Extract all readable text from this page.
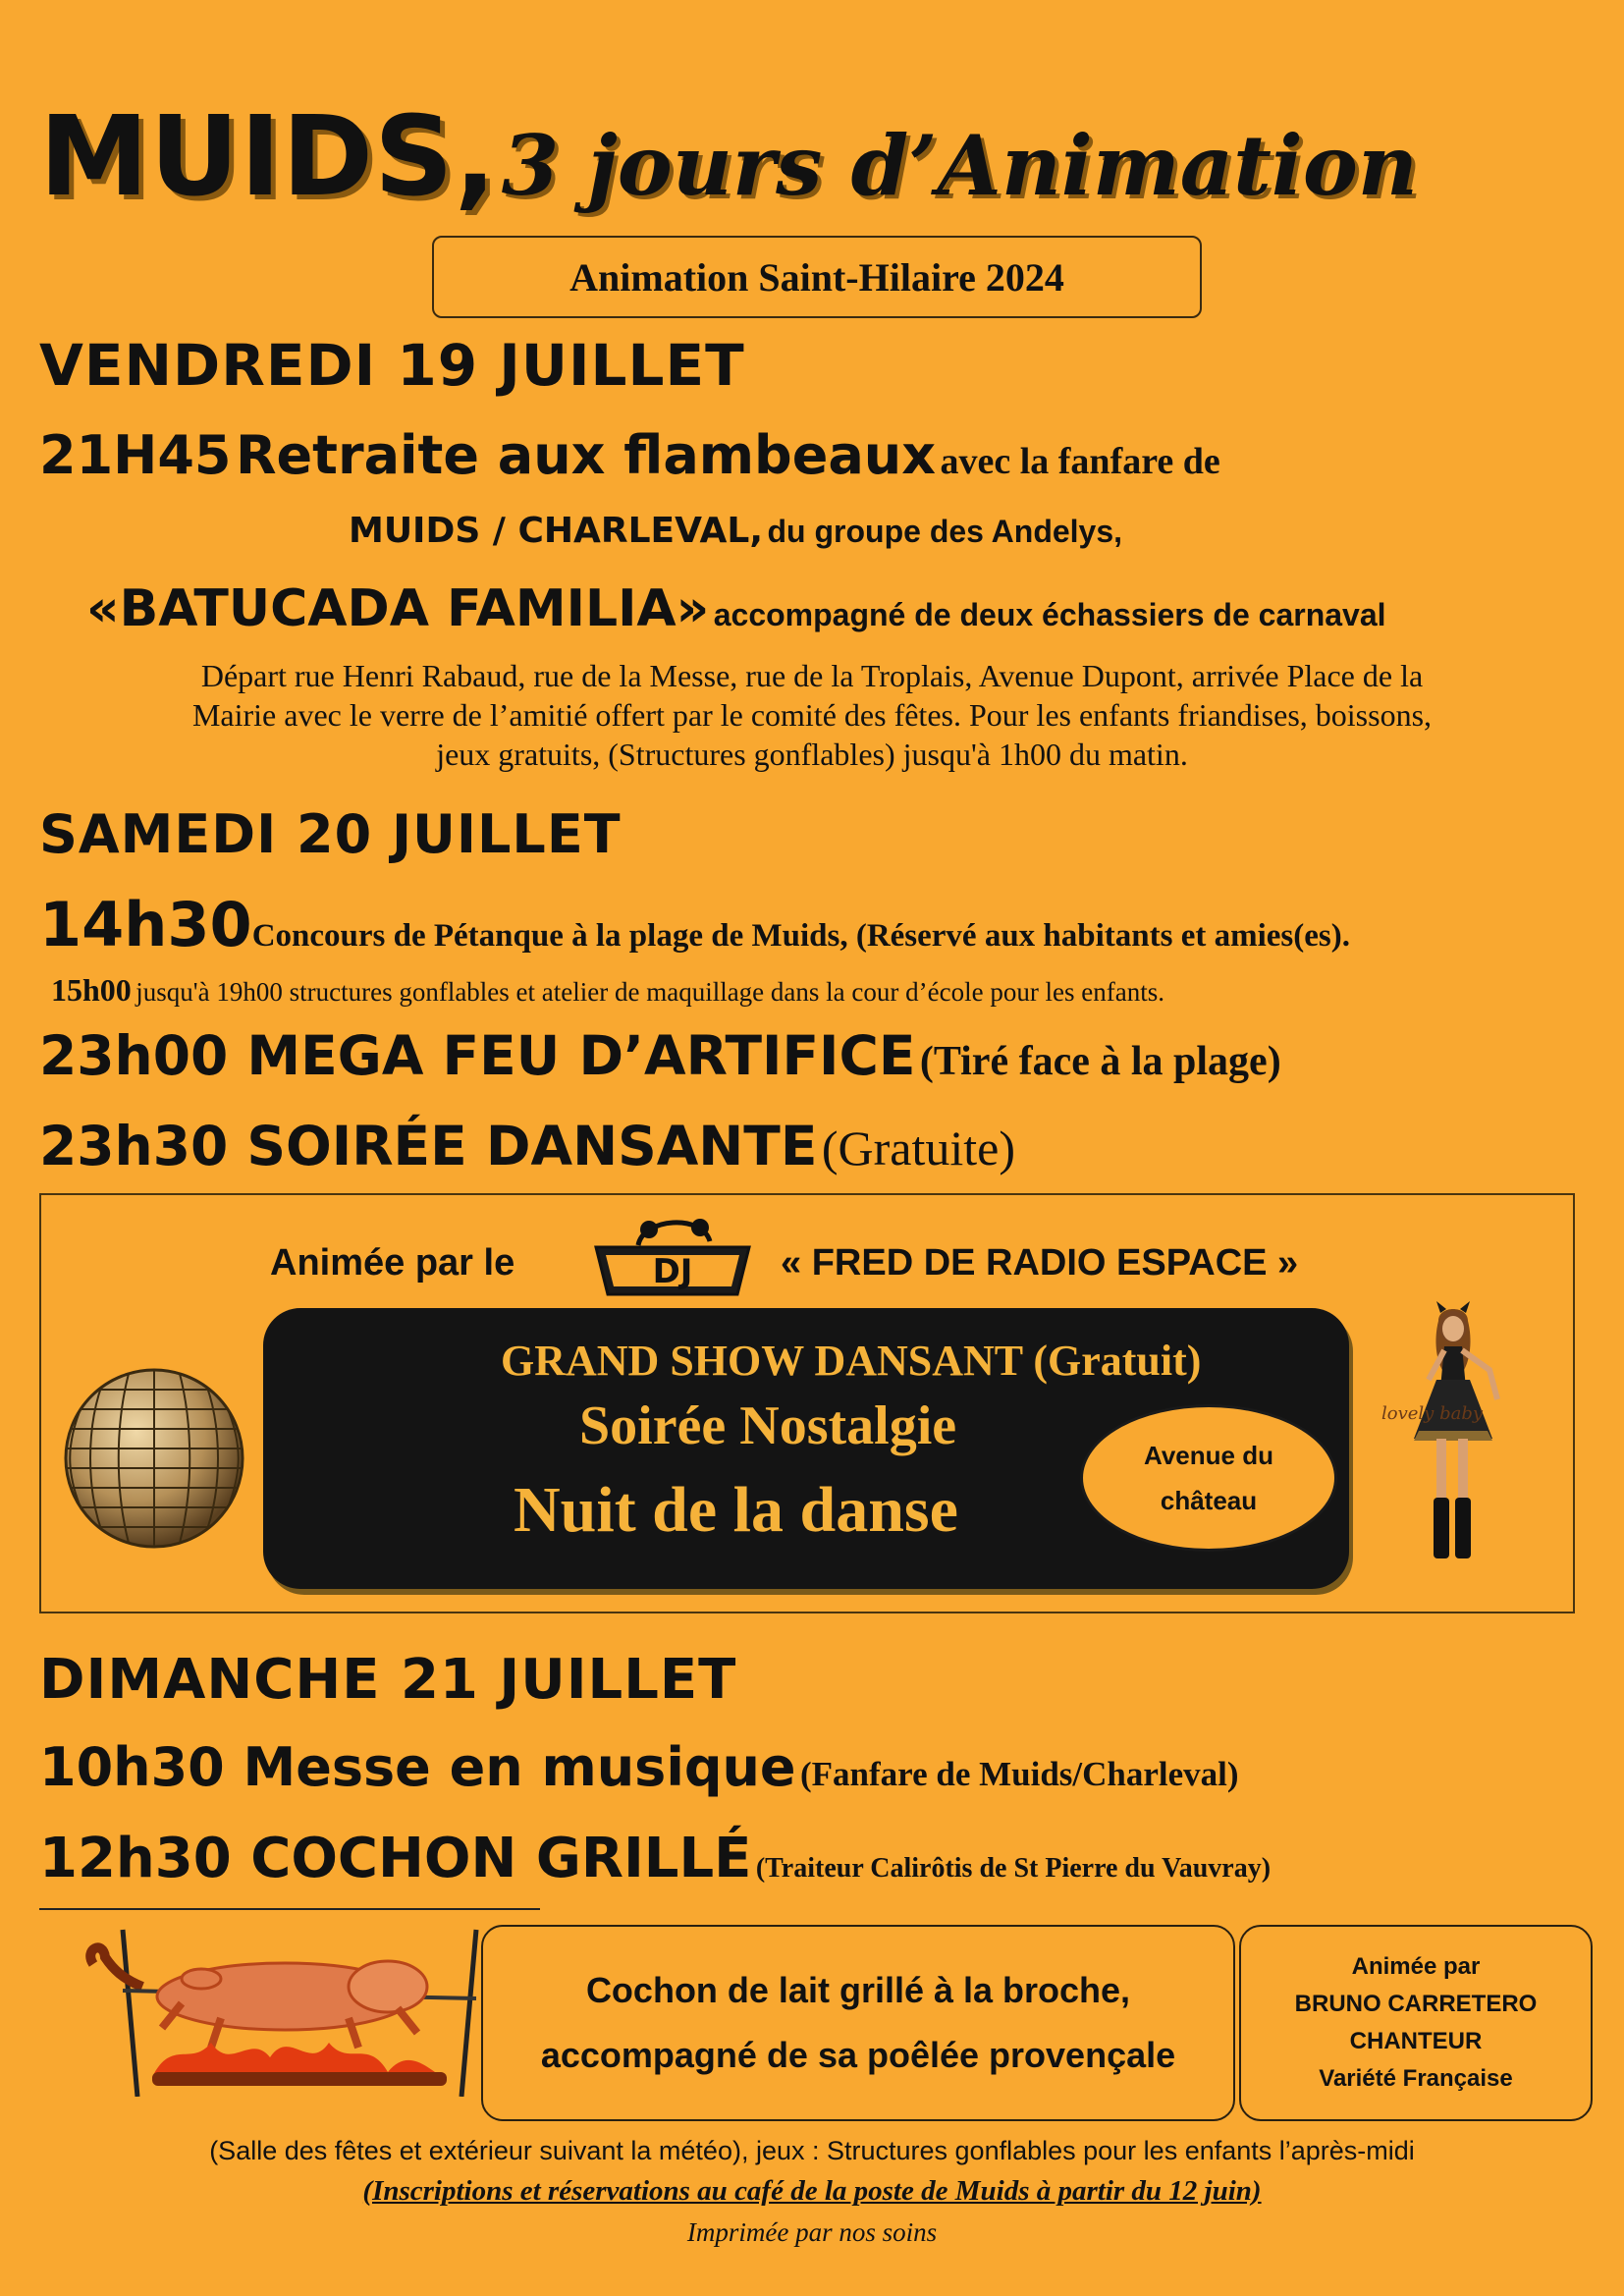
MUIDS, 3 jours d’Animation
Animation Saint-Hilaire 2024
VENDREDI 19 JUILLET
21H45 Retraite aux flambeaux avec la fanfare de
MUIDS / CHARLEVAL, du groupe des Andelys,
«BATUCADA FAMILIA» accompagné de deux échassiers de carnaval
Départ rue Henri Rabaud, rue de la Messe, rue de la Troplais, Avenue Dupont, arrivée Place de la
Mairie avec le verre de l’amitié offert par le comité des fêtes. Pour les enfants friandises, boissons,
jeux gratuits, (Structures gonflables) jusqu'à 1h00 du matin.
SAMEDI 20 JUILLET
14h30Concours de Pétanque à la plage de Muids, (Réservé aux habitants et amies(es).
15h00 jusqu'à 19h00 structures gonflables et atelier de maquillage dans la cour d’école pour les enfants.
23h00 MEGA FEU D’ARTIFICE (Tiré face à la plage)
23h30 SOIRÉE DANSANTE (Gratuite)
Animée par le	DJ « FRED DE RADIO ESPACE »
GRAND SHOW DANSANT (Gratuit)
Soirée Nostalgie
Nuit de la danse
Avenue du
château
lovely baby
DIMANCHE 21 JUILLET
10h30 Messe en musique (Fanfare de Muids/Charleval)
12h30 COCHON GRILLÉ (Traiteur Calirôtis de St Pierre du Vauvray)
Cochon de lait grillé à la broche,
accompagné de sa poêlée provençale
Animée par
BRUNO CARRETERO
CHANTEUR
Variété Française
(Salle des fêtes et extérieur suivant la météo), jeux : Structures gonflables pour les enfants l’après-midi
(Inscriptions et réservations au café de la poste de Muids à partir du 12 juin)
Imprimée par nos soins
